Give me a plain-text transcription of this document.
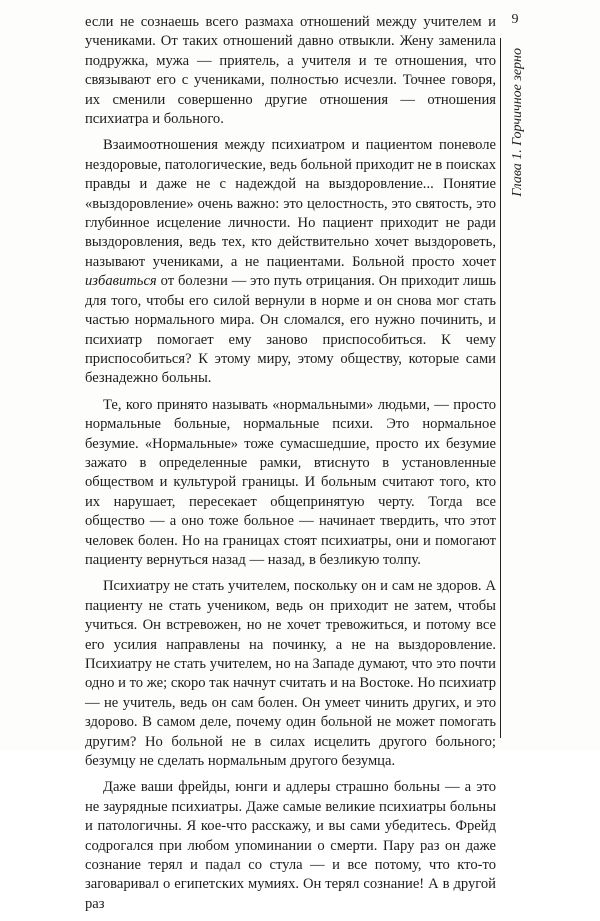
если не сознаешь всего размаха отношений между учителем и учениками. От таких отношений давно отвыкли. Жену заменила подружка, мужа — приятель, а учителя и те отношения, что связывают его с учениками, полностью исчезли. Точнее говоря, их сменили совершенно другие отношения — отношения психиатра и больного.

Взаимоотношения между психиатром и пациентом поневоле нездоровые, патологические, ведь больной приходит не в поисках правды и даже не с надеждой на выздоровление... Понятие «выздоровление» очень важно: это целостность, это святость, это глубинное исцеление личности. Но пациент приходит не ради выздоровления, ведь тех, кто действительно хочет выздороветь, называют учениками, а не пациентами. Больной просто хочет избавиться от болезни — это путь отрицания. Он приходит лишь для того, чтобы его силой вернули в норме и он снова мог стать частью нормального мира. Он сломался, его нужно починить, и психиатр помогает ему заново приспособиться. К чему приспособиться? К этому миру, этому обществу, которые сами безнадежно больны.

Те, кого принято называть «нормальными» людьми, — просто нормальные больные, нормальные психи. Это нормальное безумие. «Нормальные» тоже сумасшедшие, просто их безумие зажато в определенные рамки, втиснуто в установленные обществом и культурой границы. И больным считают того, кто их нарушает, пересекает общепринятую черту. Тогда все общество — а оно тоже больное — начинает твердить, что этот человек болен. Но на границах стоят психиатры, они и помогают пациенту вернуться назад — назад, в безликую толпу.

Психиатру не стать учителем, поскольку он и сам не здоров. А пациенту не стать учеником, ведь он приходит не затем, чтобы учиться. Он встревожен, но не хочет тревожиться, и потому все его усилия направлены на починку, а не на выздоровление. Психиатру не стать учителем, но на Западе думают, что это почти одно и то же; скоро так начнут считать и на Востоке. Но психиатр — не учитель, ведь он сам болен. Он умеет чинить других, и это здорово. В самом деле, почему один больной не может помогать другим? Но больной не в силах исцелить другого больного; безумцу не сделать нормальным другого безумца.

Даже ваши фрейды, юнги и адлеры страшно больны — а это не заурядные психиатры. Даже самые великие психиатры больны и патологичны. Я кое-что расскажу, и вы сами убедитесь. Фрейд содрогался при любом упоминании о смерти. Пару раз он даже сознание терял и падал со стула — и все потому, что кто-то заговаривал о египетских мумиях. Он терял сознание! А в другой раз

9
Глава 1. Горчичное зерно
